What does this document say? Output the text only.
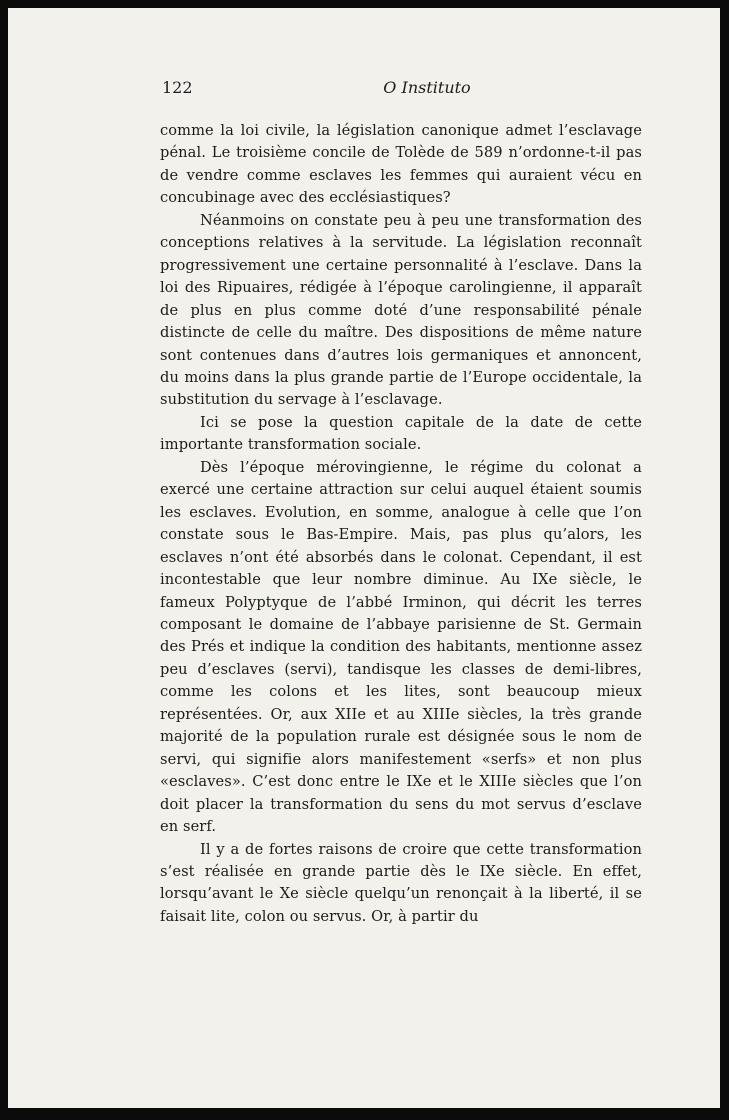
122	O Instituto

comme la loi civile, la législation canonique admet l’esclavage pénal. Le troisième concile de Tolède de 589 n’ordonne-t-il pas de vendre comme esclaves les femmes qui auraient vécu en concubinage avec des ecclésiastiques?

Néanmoins on constate peu à peu une transformation des conceptions relatives à la servitude. La législation reconnaît progressivement une certaine personnalité à l’esclave. Dans la loi des Ripuaires, rédigée à l’époque carolingienne, il apparaît de plus en plus comme doté d’une responsabilité pénale distincte de celle du maître. Des dispositions de même nature sont contenues dans d’autres lois germaniques et annoncent, du moins dans la plus grande partie de l’Europe occidentale, la substitution du servage à l’esclavage.

Ici se pose la question capitale de la date de cette importante transformation sociale.

Dès l’époque mérovingienne, le régime du colonat a exercé une certaine attraction sur celui auquel étaient soumis les esclaves. Evolution, en somme, analogue à celle que l’on constate sous le Bas-Empire. Mais, pas plus qu’alors, les esclaves n’ont été absorbés dans le colonat. Cependant, il est incontestable que leur nombre diminue. Au IXe siècle, le fameux Polyptyque de l’abbé Irminon, qui décrit les terres composant le domaine de l’abbaye parisienne de St. Germain des Prés et indique la condition des habitants, mentionne assez peu d’esclaves (servi), tandisque les classes de demi-libres, comme les colons et les lites, sont beaucoup mieux représentées. Or, aux XIIe et au XIIIe siècles, la très grande majorité de la population rurale est désignée sous le nom de servi, qui signifie alors manifestement «serfs» et non plus «esclaves». C’est donc entre le IXe et le XIIIe siècles que l’on doit placer la transformation du sens du mot servus d’esclave en serf.

Il y a de fortes raisons de croire que cette transformation s’est réalisée en grande partie dès le IXe siècle. En effet, lorsqu’avant le Xe siècle quelqu’un renonçait à la liberté, il se faisait lite, colon ou servus. Or, à partir du
